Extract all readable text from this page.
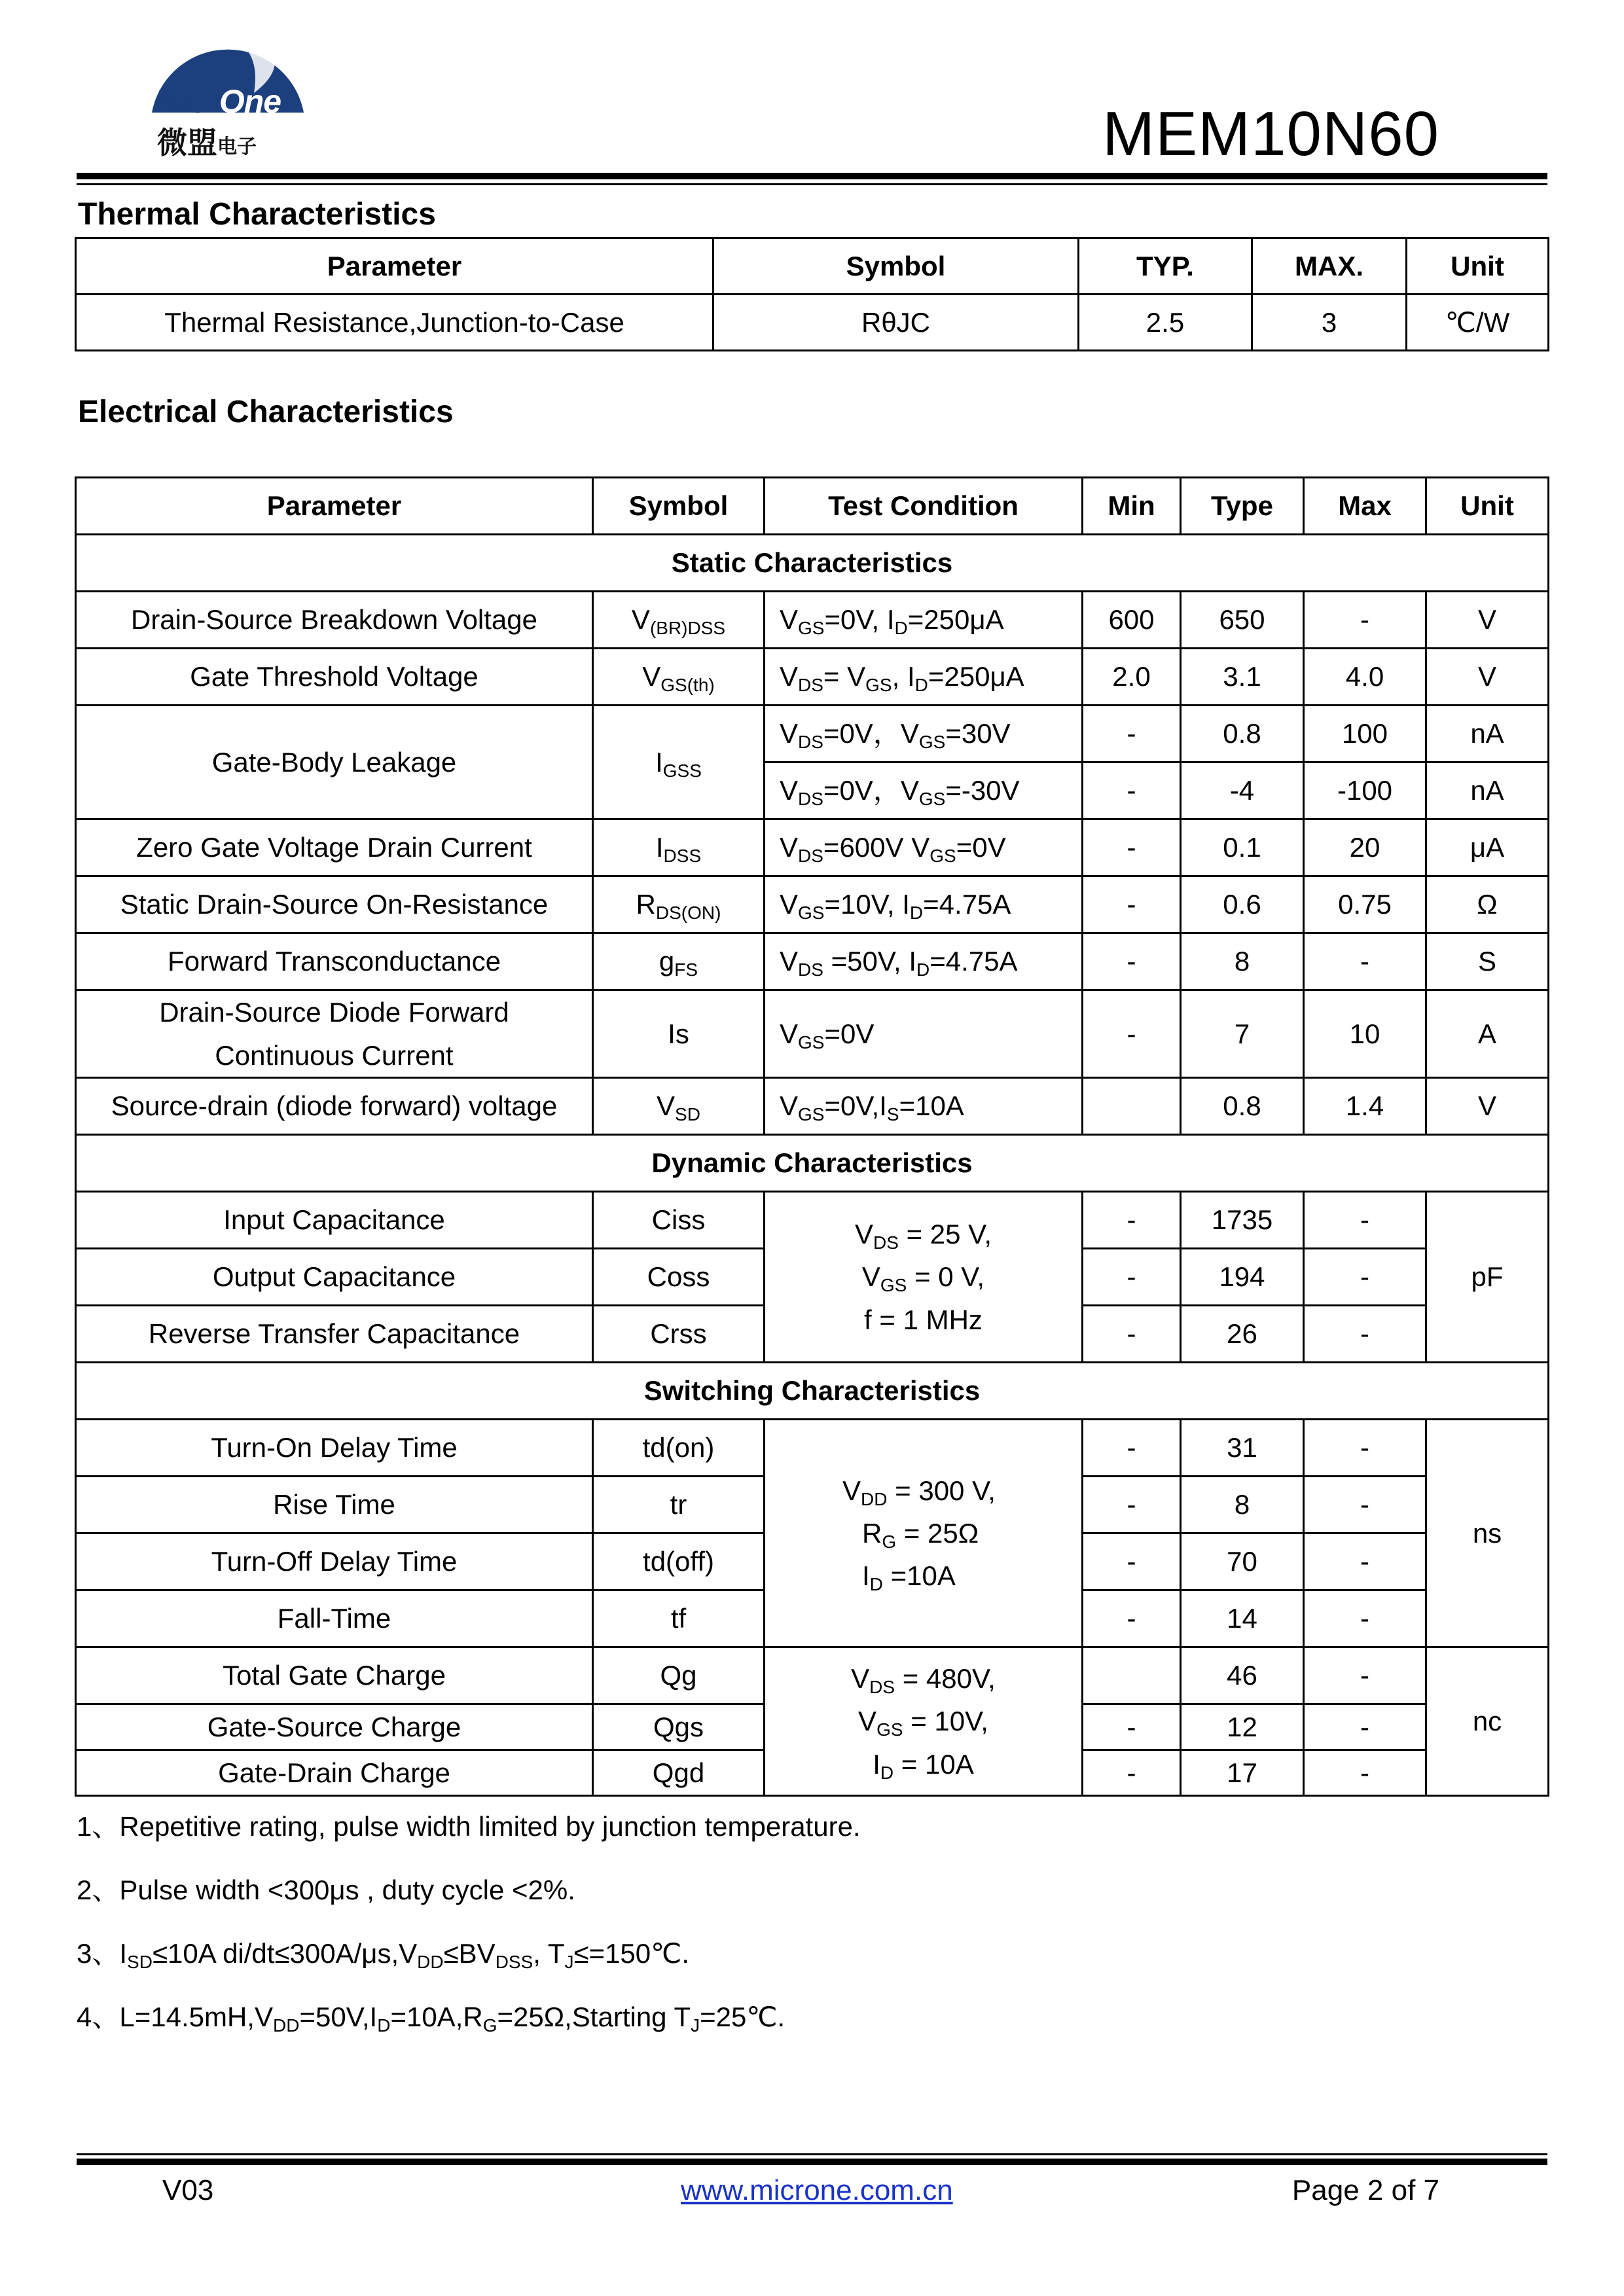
MicrOne
微盟电子	MEM10N60
Thermal Characteristics
Parameter	Symbol	TYP.	MAX.	Unit
Thermal Resistance,Junction-to-Case	RθJC	2.5	3	℃/W
Electrical Characteristics
Parameter	Symbol	Test Condition	Min	Type	Max	Unit
Static Characteristics						
Drain-Source Breakdown Voltage	$V_{(BR)DSS}$	$V_{GS}=0V$, $I_D=250\mu A$	600	650	-	V
Gate Threshold Voltage	$V_{GS(th)}$	$V_{DS}= V_{GS}$, $I_D=250\mu A$	2.0	3.1	4.0	V
Gate-Body Leakage	$I_{GSS}$	$V_{DS}=0V$，$V_{GS}=30V$	-	0.8	100	nA
		$V_{DS}=0V$，$V_{GS}=-30V$	-	-4	-100	nA
Zero Gate Voltage Drain Current	$I_{DSS}$	$V_{DS}=600V$ $V_{GS}=0V$	-	0.1	20	μA
Static Drain-Source On-Resistance	$R_{DS(ON)}$	$V_{GS}=10V$, $I_D=4.75A$	-	0.6	0.75	Ω
Forward Transconductance	$g_{FS}$	$V_{DS} =50V$, $I_D=4.75A$	-	8	-	S

Drain-Source Diode Forward
Continuous Current	Is	$V_{GS}=0V$	-	7	10	A
Source-drain (diode forward) voltage	$V_{SD}$	$V_{GS}=0V,I_S=10A$		0.8	1.4	V
Dynamic Characteristics						
Input Capacitance	Ciss	$V_{DS} = 25$ V,
$V_{GS} = 0$ V,
f = 1 MHz	-	1735	-	pF
Output Capacitance	Coss		-	194	-	
Reverse Transfer Capacitance	Crss		-	26	-	
Switching Characteristics						
Turn-On Delay Time	td(on)	$V_{DD} = 300$ V,
$R_G = 25\Omega$
$I_D =10A$	-	31	-	ns
Rise Time	tr		-	8	-	
Turn-Off Delay Time	td(off)		-	70	-	
Fall-Time	tf		-	14	-	
Total Gate Charge	Qg	$V_{DS} = 480V$,
$V_{GS} = 10V$,
$I_D = 10A$		46	-	nc
Gate-Source Charge	Qgs		-	12	-	
Gate-Drain Charge	Qgd		-	17	-	
1、Repetitive rating, pulse width limited by junction temperature.
2、Pulse width <300μs , duty cycle <2%.
3、$I_{SD}\le 10A$ $di/dt\le 300A/\mu s,V_{DD}\le BV_{DSS}$, $T_J\le=150℃$.
4、$L=14.5mH,V_{DD}=50V,I_D=10A,R_G=25\Omega,Starting$ $T_J=25℃$.
V03	www.microne.com.cn	Page 2 of 7
